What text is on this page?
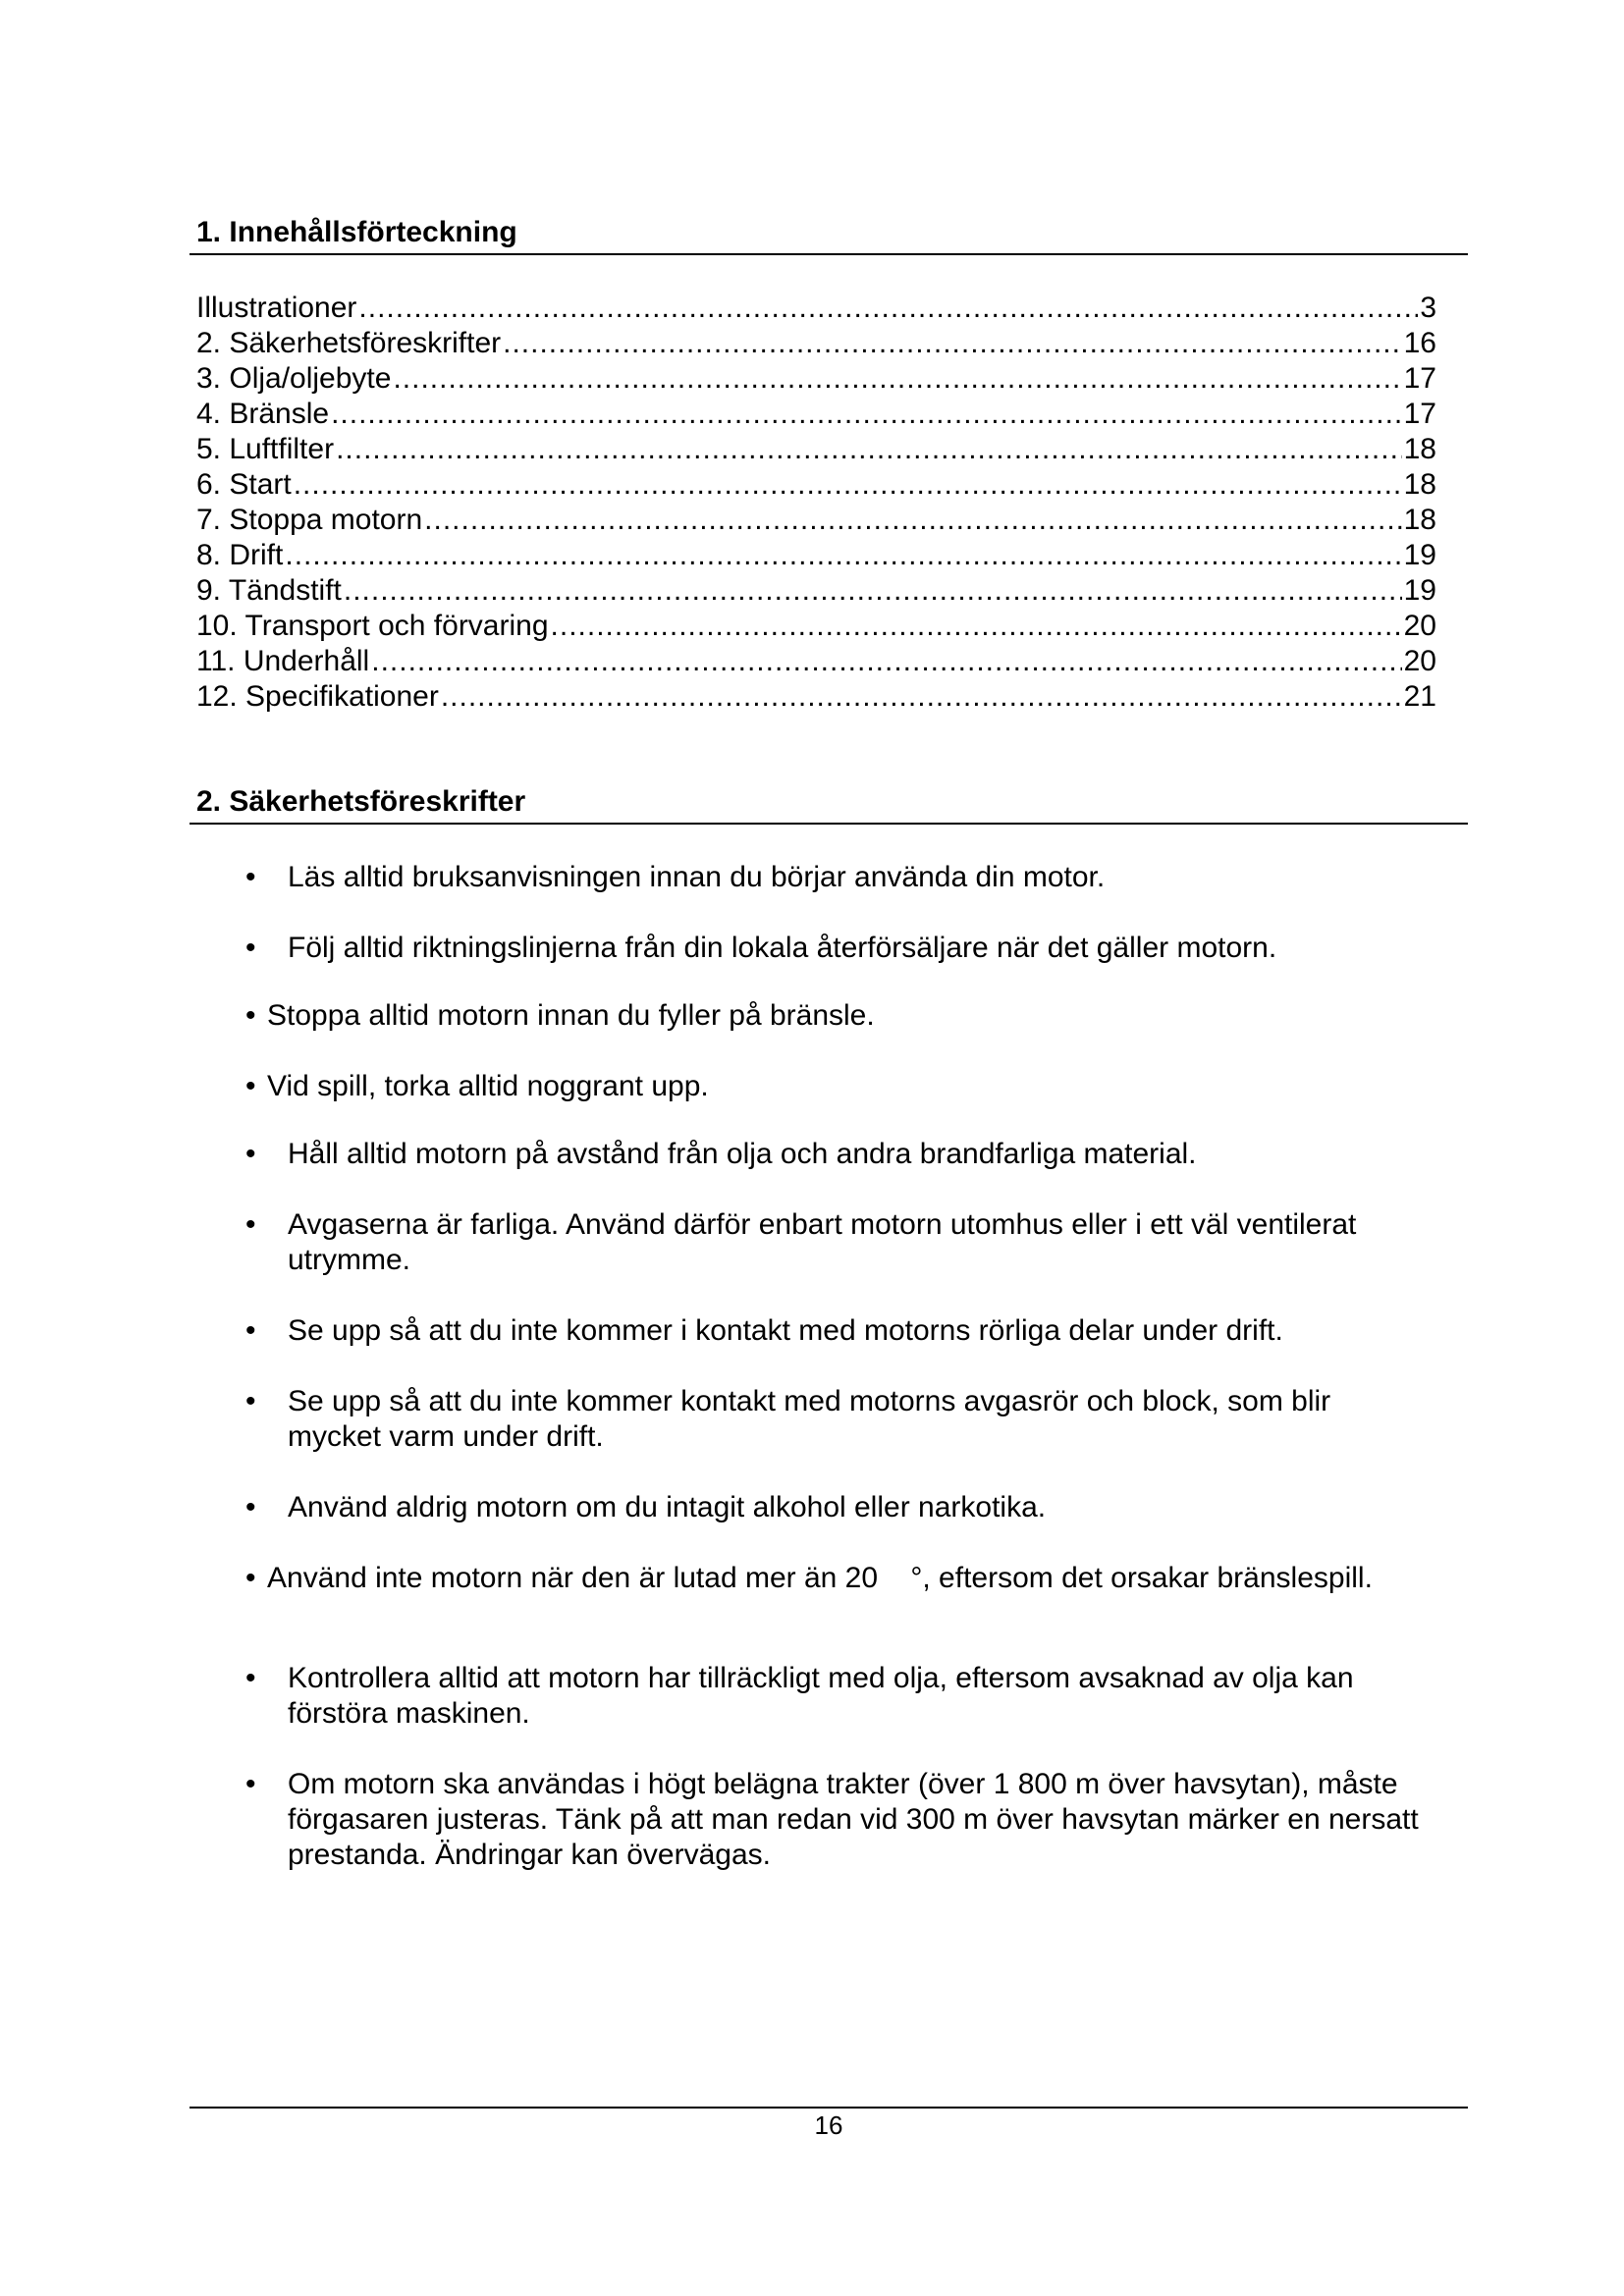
1. Innehållsförteckning
Illustrationer .....	3
2. Säkerhetsföreskrifter .....	16
3. Olja/oljebyte .....	17
4. Bränsle .....	17
5. Luftfilter .....	18
6. Start .....	18
7. Stoppa motorn .....	18
8. Drift .....	19
9. Tändstift .....	19
10. Transport och förvaring .....	20
11. Underhåll .....	20
12. Specifikationer .....	21
2. Säkerhetsföreskrifter
• Läs alltid bruksanvisningen innan du börjar använda din motor.
• Följ alltid riktningslinjerna från din lokala återförsäljare när det gäller motorn.
• Stoppa alltid motorn innan du fyller på bränsle.
• Vid spill, torka alltid noggrant upp.
• Håll alltid motorn på avstånd från olja och andra brandfarliga material.
• Avgaserna är farliga. Använd därför enbart motorn utomhus eller i ett väl ventilerat utrymme.
• Se upp så att du inte kommer i kontakt med motorns rörliga delar under drift.
• Se upp så att du inte kommer kontakt med motorns avgasrör och block, som blir mycket varm under drift.
• Använd aldrig motorn om du intagit alkohol eller narkotika.
• Använd inte motorn när den är lutad mer än 20    °, eftersom det orsakar bränslespill.
• Kontrollera alltid att motorn har tillräckligt med olja, eftersom avsaknad av olja kan förstöra maskinen.
• Om motorn ska användas i högt belägna trakter (över 1 800 m över havsytan), måste förgasaren justeras. Tänk på att man redan vid 300 m över havsytan märker en nersatt prestanda. Ändringar kan övervägas.
16
